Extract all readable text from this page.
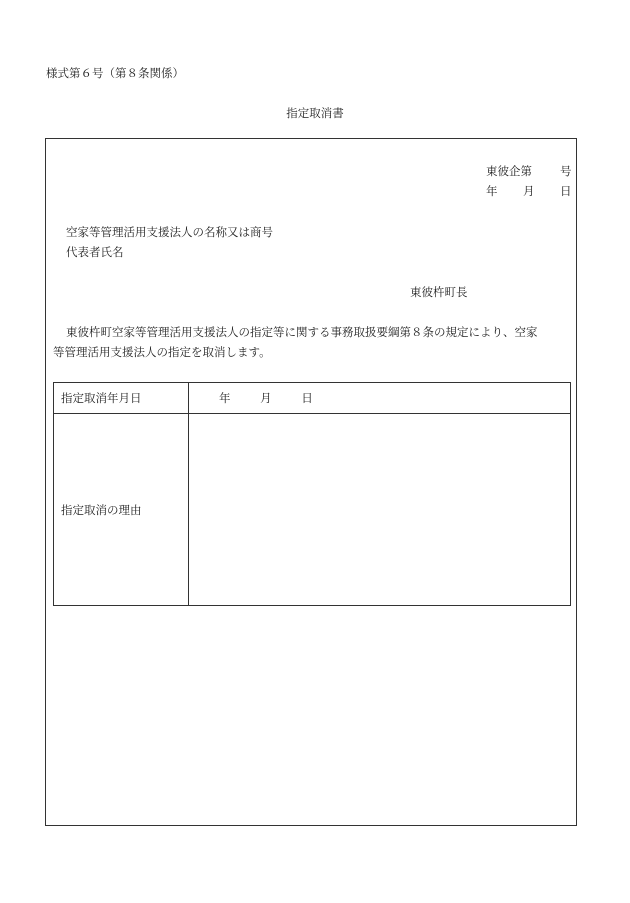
様式第６号（第８条関係）
指定取消書
東彼企第 号
年 月 日
空家等管理活用支援法人の名称又は商号
代表者氏名
東彼杵町長
東彼杵町空家等管理活用支援法人の指定等に関する事務取扱要綱第８条の規定により、空家
等管理活用支援法人の指定を取消します。
指定取消年月日	年 月 日
指定取消の理由	
